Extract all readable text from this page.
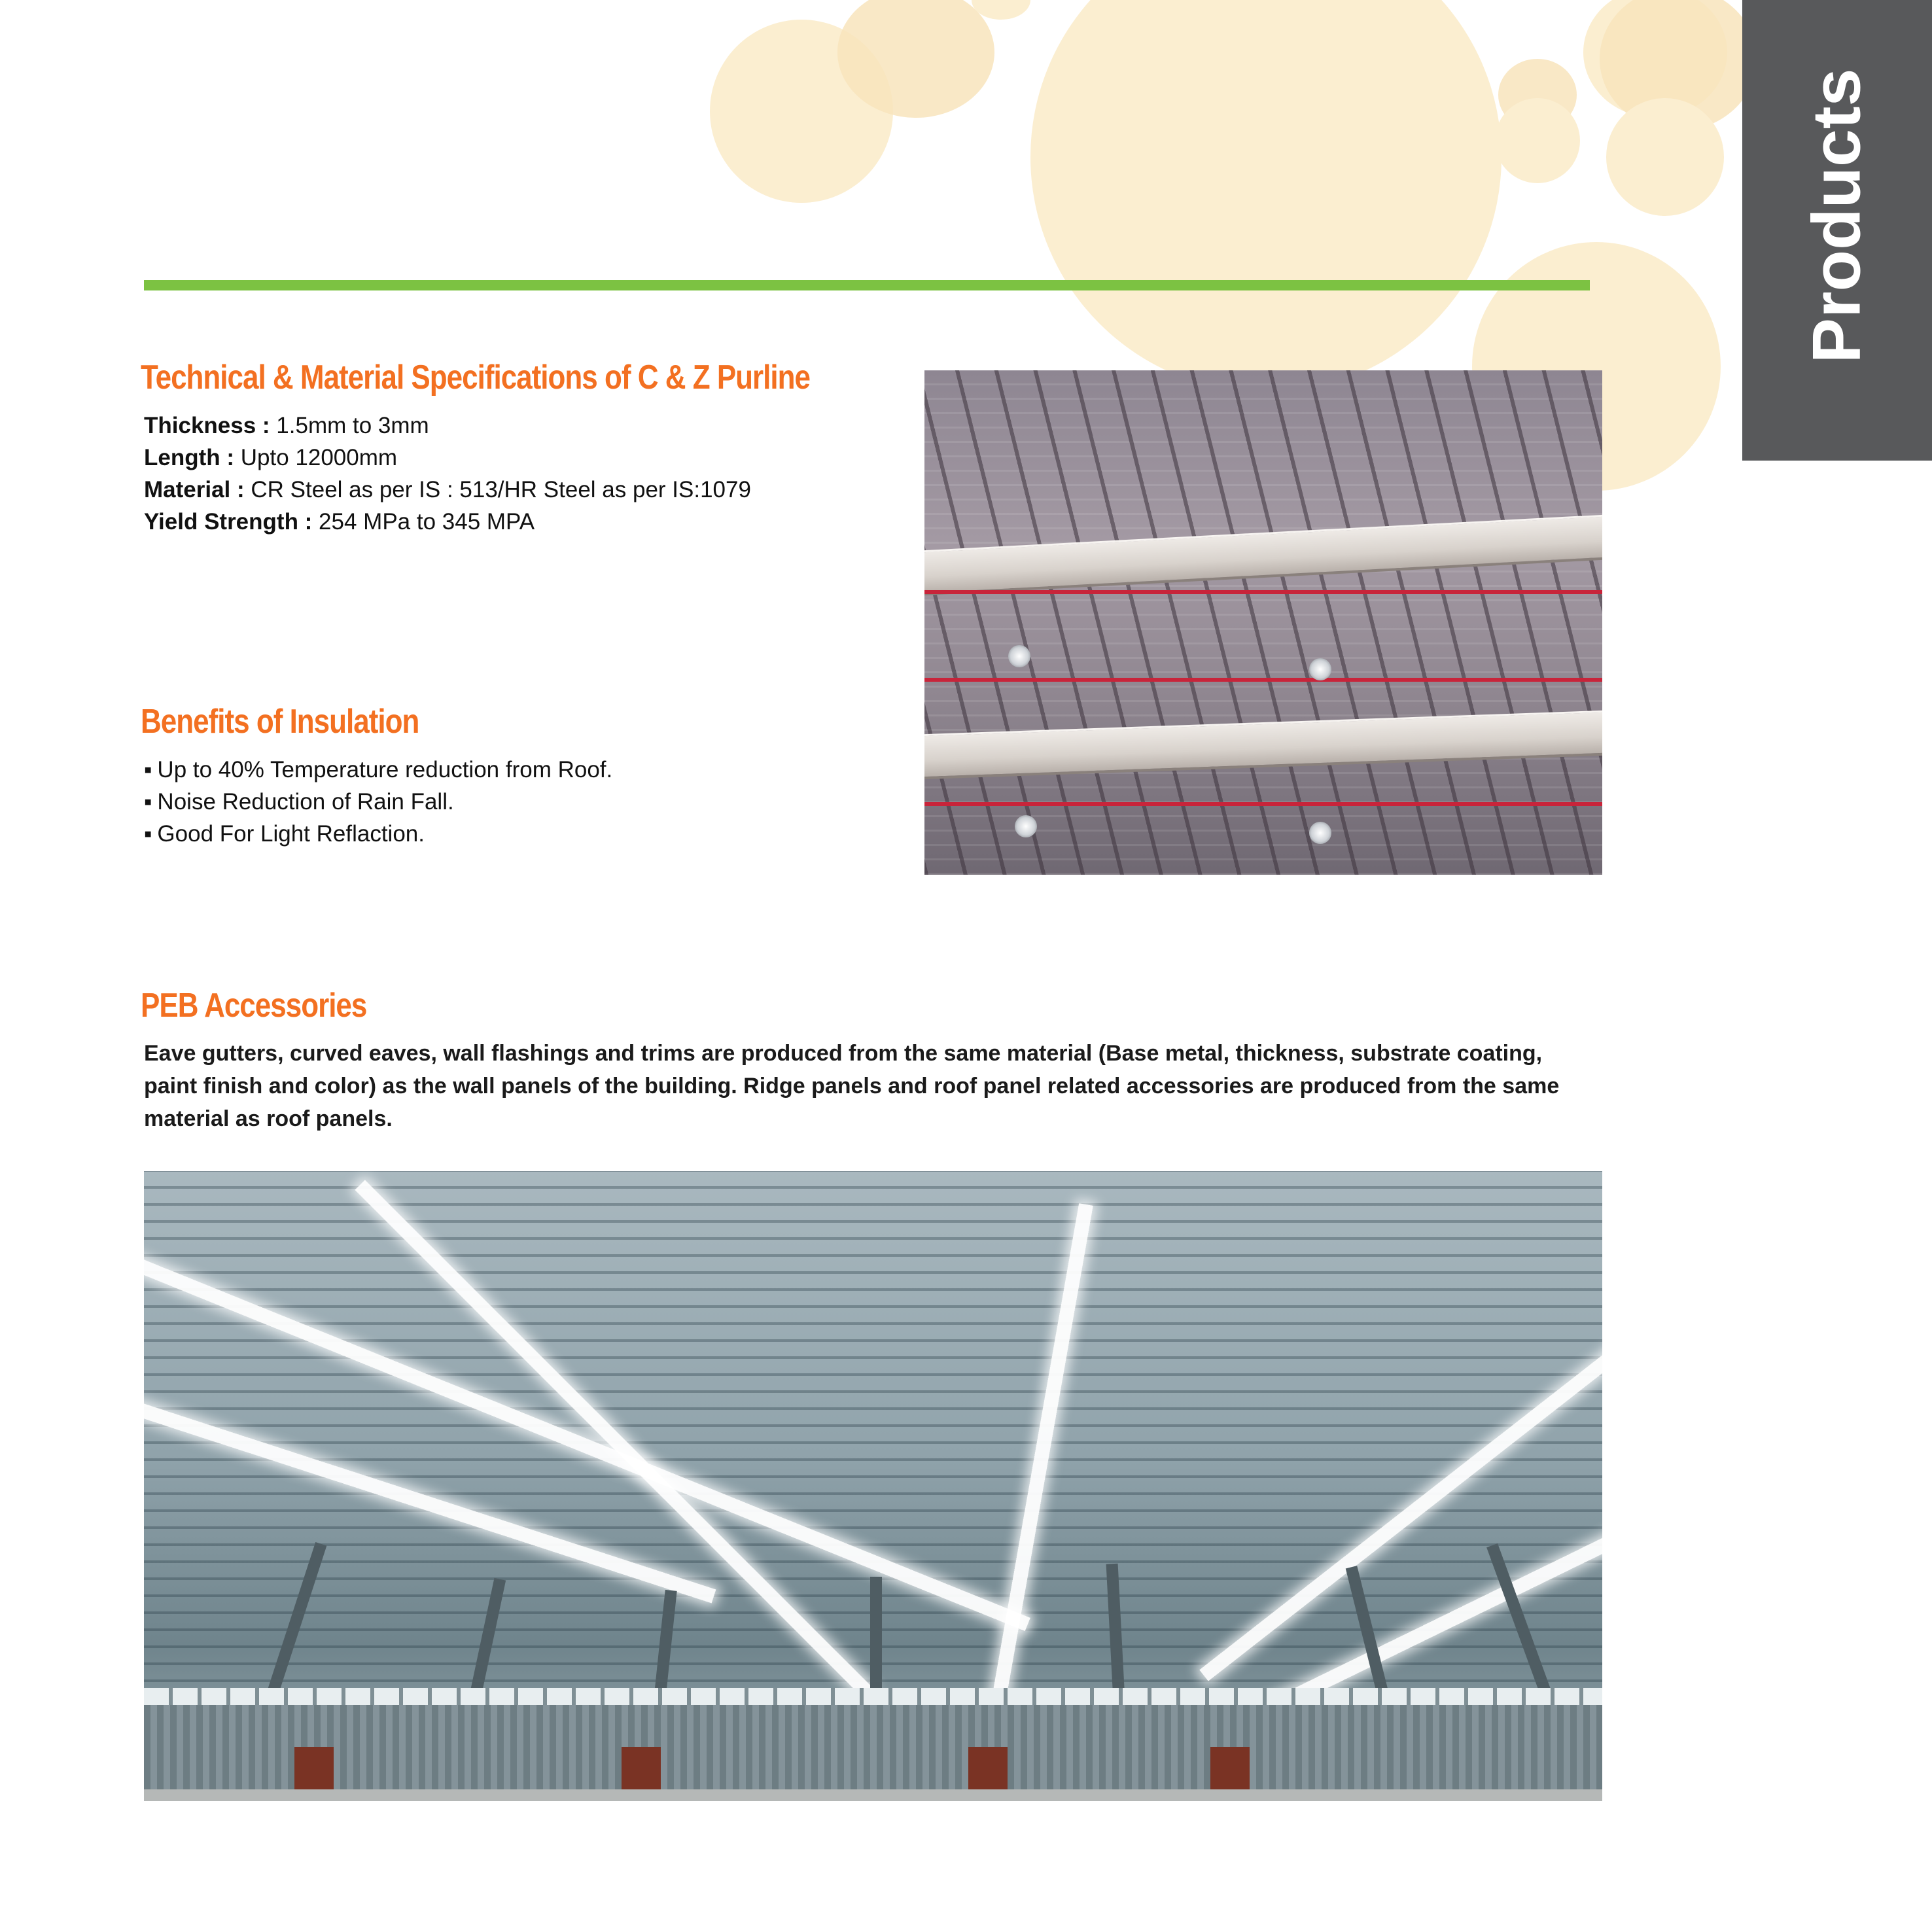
Products
Technical & Material Specifications of C & Z Purline
Thickness : 1.5mm to 3mm
Length : Upto 12000mm
Material : CR Steel as per IS : 513/HR Steel as per IS:1079
Yield Strength : 254 MPa to 345 MPA
Benefits of Insulation
▪ Up to 40% Temperature reduction from Roof.
▪ Noise Reduction of Rain Fall.
▪ Good For Light Reflaction.
PEB Accessories

Eave gutters, curved eaves, wall flashings and trims are produced from the same material (Base metal, thickness, substrate coating, paint finish and color) as the wall panels of the building. Ridge panels and roof panel related accessories are produced from the same material as roof panels.
